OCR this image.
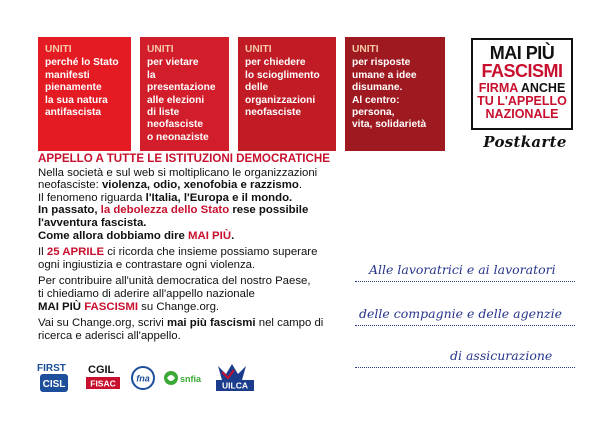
UNITI
perché lo Stato
manifesti
pienamente
la sua natura
antifascista
UNITI
per vietare
la presentazione
alle elezioni
di liste neofasciste
o neonaziste
UNITI
per chiedere
lo scioglimento
delle organizzazioni
neofasciste
UNITI
per risposte
umane a idee
disumane.
Al centro:
persona,
vita, solidarietà
MAI PIÙ
FASCISMI
FIRMA ANCHE
TU L'APPELLO
NAZIONALE
Postkarte

APPELLO A TUTTE LE ISTITUZIONI DEMOCRATICHE

Nella società e sul web si moltiplicano le organizzazioni

neofasciste: violenza, odio, xenofobia e razzismo.

Il fenomeno riguarda l'Italia, l'Europa e il mondo.

In passato, la debolezza dello Stato rese possibile

l'avventura fascista.

Come allora dobbiamo dire MAI PIÙ.

Il 25 APRILE ci ricorda che insieme possiamo superare

ogni ingiustizia e contrastare ogni violenza.

Per contribuire all'unità democratica del nostro Paese,

ti chiediamo di aderire all'appello nazionale

MAI PIÙ FASCISMI su Change.org.

Vai su Change.org, scrivi mai più fascismi nel campo di

ricerca e aderisci all'appello.

Alle lavoratrici e ai lavoratori
delle compagnie e delle agenzie
di assicurazione
FIRST
CISL
CGIL
FISAC fna	snfia
UILCA
